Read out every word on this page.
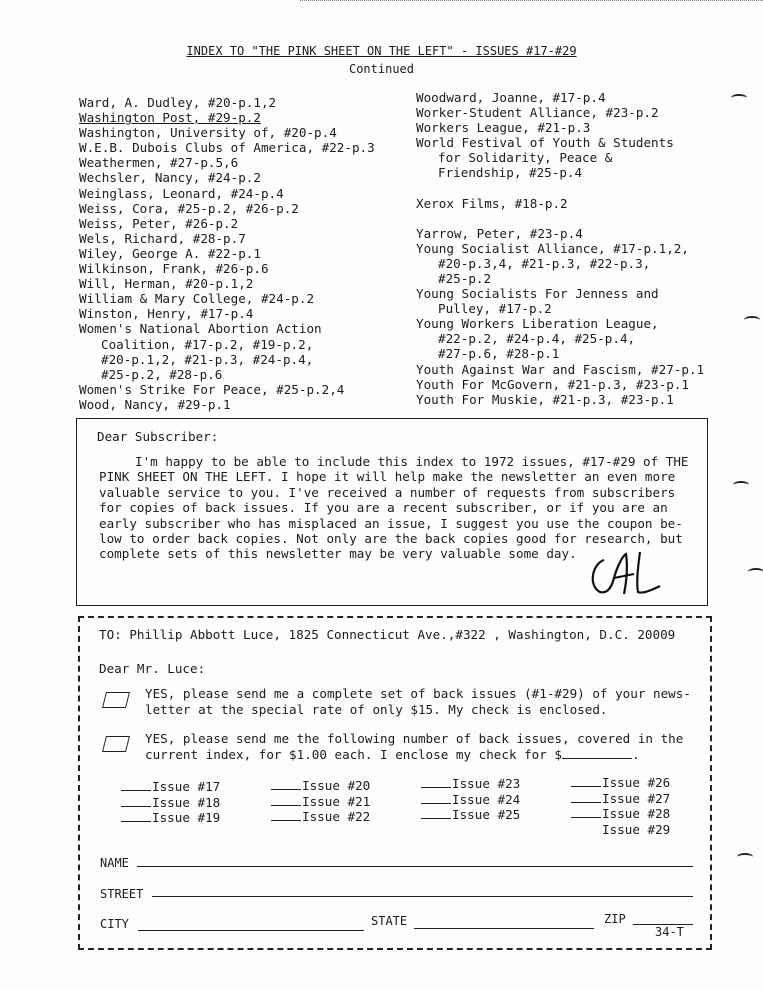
INDEX TO "THE PINK SHEET ON THE LEFT" - ISSUES #17-#29
Continued
Ward, A. Dudley, #20-p.1,2
Washington Post, #29-p.2
Washington, University of, #20-p.4
W.E.B. Dubois Clubs of America, #22-p.3
Weathermen, #27-p.5,6
Wechsler, Nancy, #24-p.2
Weinglass, Leonard, #24-p.4
Weiss, Cora, #25-p.2, #26-p.2
Weiss, Peter, #26-p.2
Wels, Richard, #28-p.7
Wiley, George A. #22-p.1
Wilkinson, Frank, #26-p.6
Will, Herman, #20-p.1,2
William & Mary College, #24-p.2
Winston, Henry, #17-p.4
Women's National Abortion Action
Coalition, #17-p.2, #19-p.2,
#20-p.1,2, #21-p.3, #24-p.4,
#25-p.2, #28-p.6
Women's Strike For Peace, #25-p.2,4
Wood, Nancy, #29-p.1
Woodward, Joanne, #17-p.4
Worker-Student Alliance, #23-p.2
Workers League, #21-p.3
World Festival of Youth & Students
for Solidarity, Peace &
Friendship, #25-p.4
Xerox Films, #18-p.2
Yarrow, Peter, #23-p.4
Young Socialist Alliance, #17-p.1,2,
#20-p.3,4, #21-p.3, #22-p.3,
#25-p.2
Young Socialists For Jenness and
Pulley, #17-p.2
Young Workers Liberation League,
#22-p.2, #24-p.4, #25-p.4,
#27-p.6, #28-p.1
Youth Against War and Fascism, #27-p.1
Youth For McGovern, #21-p.3, #23-p.1
Youth For Muskie, #21-p.3, #23-p.1
Dear Subscriber:
I'm happy to be able to include this index to 1972 issues, #17-#29 of THE
PINK SHEET ON THE LEFT. I hope it will help make the newsletter an even more
valuable service to you. I've received a number of requests from subscribers
for copies of back issues. If you are a recent subscriber, or if you are an
early subscriber who has misplaced an issue, I suggest you use the coupon be-
low to order back copies. Not only are the back copies good for research, but
complete sets of this newsletter may be very valuable some day.
TO: Phillip Abbott Luce, 1825 Connecticut Ave.,#322 , Washington, D.C. 20009
Dear Mr. Luce:
YES, please send me a complete set of back issues (#1-#29) of your news-
letter at the special rate of only $15. My check is enclosed.
YES, please send me the following number of back issues, covered in the
current index, for $1.00 each. I enclose my check for $	.
Issue #17
Issue #18
Issue #19
Issue #20
Issue #21
Issue #22
Issue #23
Issue #24
Issue #25
Issue #26
Issue #27
Issue #28
Issue #29
NAME
STREET
CITY	STATE	ZIP
34-T
